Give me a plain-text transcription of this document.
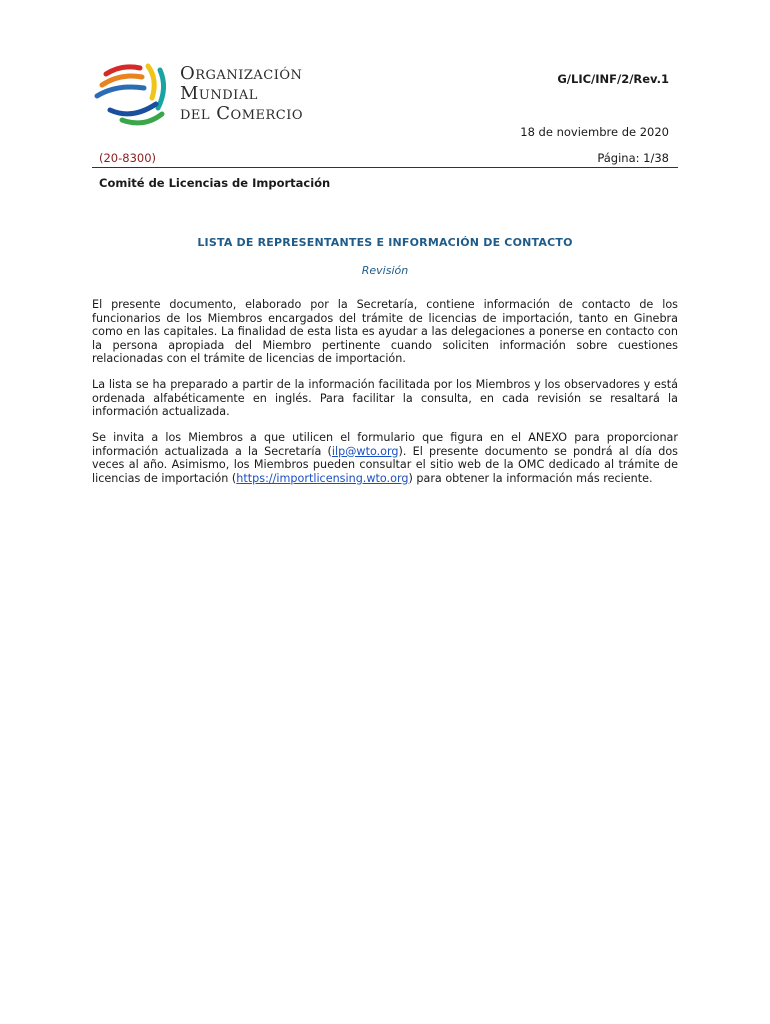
Organización
Mundial
del Comercio
G/LIC/INF/2/Rev.1
18 de noviembre de 2020
(20-8300)	Página: 1/38
Comité de Licencias de Importación
LISTA DE REPRESENTANTES E INFORMACIÓN DE CONTACTO
Revisión
El presente documento, elaborado por la Secretaría, contiene información de contacto de los funcionarios de los Miembros encargados del trámite de licencias de importación, tanto en Ginebra como en las capitales. La finalidad de esta lista es ayudar a las delegaciones a ponerse en contacto con la persona apropiada del Miembro pertinente cuando soliciten información sobre cuestiones relacionadas con el trámite de licencias de importación.
La lista se ha preparado a partir de la información facilitada por los Miembros y los observadores y está ordenada alfabéticamente en inglés. Para facilitar la consulta, en cada revisión se resaltará la información actualizada.
Se invita a los Miembros a que utilicen el formulario que figura en el ANEXO para proporcionar información actualizada a la Secretaría (ilp@wto.org). El presente documento se pondrá al día dos veces al año. Asimismo, los Miembros pueden consultar el sitio web de la OMC dedicado al trámite de licencias de importación (https://importlicensing.wto.org) para obtener la información más reciente.
